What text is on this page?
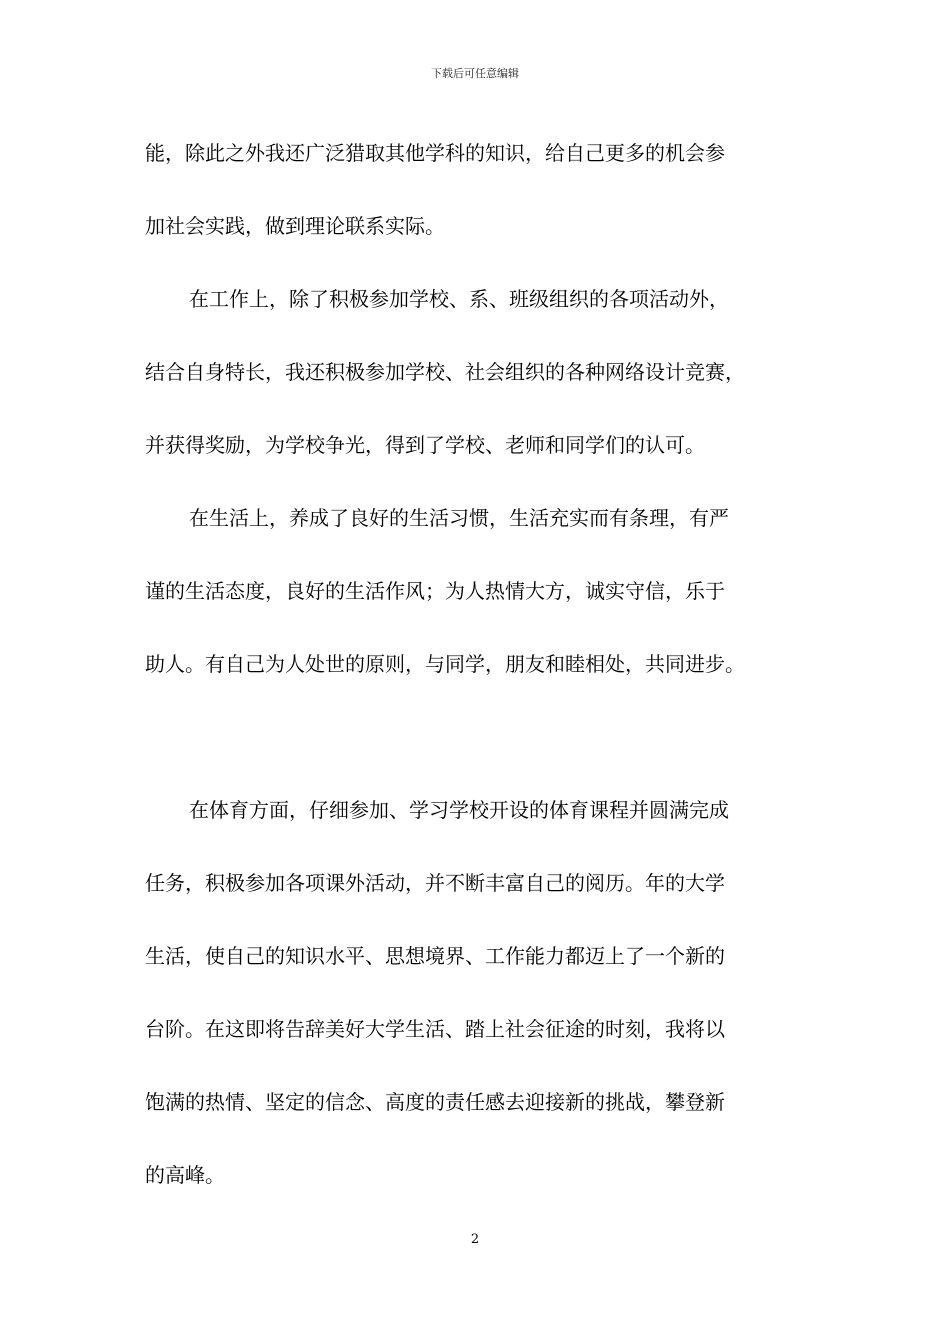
下载后可任意编辑
能，除此之外我还广泛猎取其他学科的知识，给自己更多的机会参
加社会实践，做到理论联系实际。
在工作上，除了积极参加学校、系、班级组织的各项活动外，
结合自身特长，我还积极参加学校、社会组织的各种网络设计竞赛，
并获得奖励，为学校争光，得到了学校、老师和同学们的认可。
在生活上，养成了良好的生活习惯，生活充实而有条理，有严
谨的生活态度，良好的生活作风；为人热情大方，诚实守信，乐于
助人。有自己为人处世的原则，与同学，朋友和睦相处，共同进步。
在体育方面，仔细参加、学习学校开设的体育课程并圆满完成
任务，积极参加各项课外活动，并不断丰富自己的阅历。年的大学
生活，使自己的知识水平、思想境界、工作能力都迈上了一个新的
台阶。在这即将告辞美好大学生活、踏上社会征途的时刻，我将以
饱满的热情、坚定的信念、高度的责任感去迎接新的挑战，攀登新
的高峰。
2
